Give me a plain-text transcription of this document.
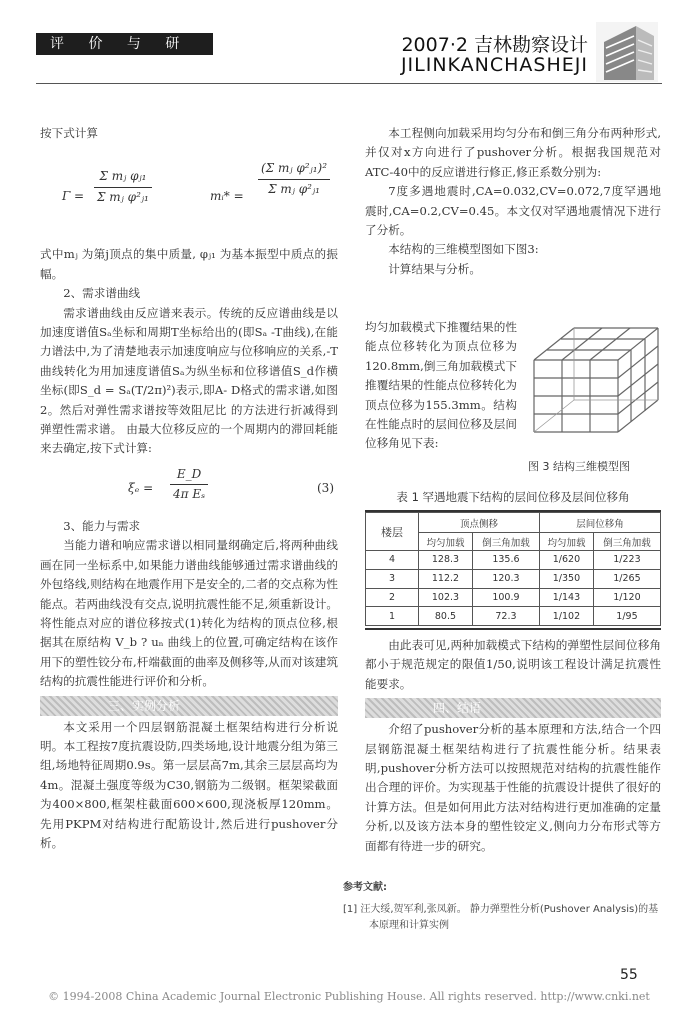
评 价 与 研 究
2007·2 吉林勘察设计
JILINKANCHASHEJI

按下式计算

$\Gamma = \frac{\text{Σ mⱼ φⱼ₁}}{\text{Σ mⱼ φ²ⱼ₁}}$	mᵢ* = $\frac{\text{(Σ mⱼ φ²ⱼ₁)²}}{\text{Σ mⱼ φ²ⱼ₁}}$

式中mⱼ 为第j顶点的集中质量, φⱼ₁ 为基本振型中质点的振幅。

2、需求谱曲线

需求谱曲线由反应谱来表示。传统的反应谱曲线是以加速度谱值Sₐ坐标和周期T坐标给出的(即Sₐ -T曲线),在能力谱法中,为了清楚地表示加速度响应与位移响应的关系,-T曲线转化为用加速度谱值Sₐ为纵坐标和位移谱值S_d作横坐标(即S_d = Sₐ(T/2π)²)表示,即A- D格式的需求谱,如图2。然后对弹性需求谱按等效阻尼比 的方法进行折减得到弹塑性需求谱。 由最大位移反应的一个周期内的滞回耗能来去确定,按下式计算:

$\xi_e = \frac{E\_D}{\text{4π Eₛ}}$	(3)

3、能力与需求

当能力谱和响应需求谱以相同量纲确定后,将两种曲线画在同一坐标系中,如果能力谱曲线能够通过需求谱曲线的外包络线,则结构在地震作用下是安全的,二者的交点称为性能点。若两曲线没有交点,说明抗震性能不足,须重新设计。将性能点对应的谱位移按式(1)转化为结构的顶点位移,根据其在原结构 V_b ? uₙ 曲线上的位置,可确定结构在该作用下的塑性铰分布,杆端截面的曲率及侧移等,从而对该建筑结构的抗震性能进行评价和分析。

三、实例分析

本文采用一个四层钢筋混凝土框架结构进行分析说明。本工程按7度抗震设防,四类场地,设计地震分组为第三组,场地特征周期0.9s。第一层层高7m,其余三层层高均为4m。混凝土强度等级为C30,钢筋为二级钢。框架梁截面为400×800,框架柱截面600×600,现浇板厚120mm。先用PKPM对结构进行配筋设计,然后进行pushover分析。

本工程侧向加载采用均匀分布和倒三角分布两种形式,并仅对x方向进行了pushover分析。根据我国规范对ATC-40中的反应谱进行修正,修正系数分别为:

7度多遇地震时,CA=0.032,CV=0.072,7度罕遇地震时,CA=0.2,CV=0.45。本文仅对罕遇地震情况下进行了分析。

本结构的三维模型图如下图3:

计算结果与分析。

均匀加载模式下推覆结果的性能点位移转化为顶点位移为120.8mm,倒三角加载模式下推覆结果的性能点位移转化为顶点位移为155.3mm。结构在性能点时的层间位移及层间位移角见下表:

图 3 结构三维模型图
表 1 罕遇地震下结构的层间位移及层间位移角
楼层	顶点侧移		层间位移角	
	均匀加载	倒三角加载	均匀加载	倒三角加载
4	128.3	135.6	1/620	1/223
3	112.2	120.3	1/350	1/265
2	102.3	100.9	1/143	1/120
1	80.5	72.3	1/102	1/95

由此表可见,两种加载模式下结构的弹塑性层间位移角都小于规范规定的限值1/50,说明该工程设计满足抗震性能要求。

四、结语

介绍了pushover分析的基本原理和方法,结合一个四层钢筋混凝土框架结构进行了抗震性能分析。结果表明,pushover分析方法可以按照规范对结构的抗震性能作出合理的评价。为实现基于性能的抗震设计提供了很好的计算方法。但是如何用此方法对结构进行更加准确的定量分析,以及该方法本身的塑性铰定义,侧向力分布形式等方面都有待进一步的研究。

参考文献:
[1] 汪大绥,贺军利,张凤新。 静力弹塑性分析(Pushover Analysis)的基本原理和计算实例
55
© 1994-2008 China Academic Journal Electronic Publishing House. All rights reserved. http://www.cnki.net
